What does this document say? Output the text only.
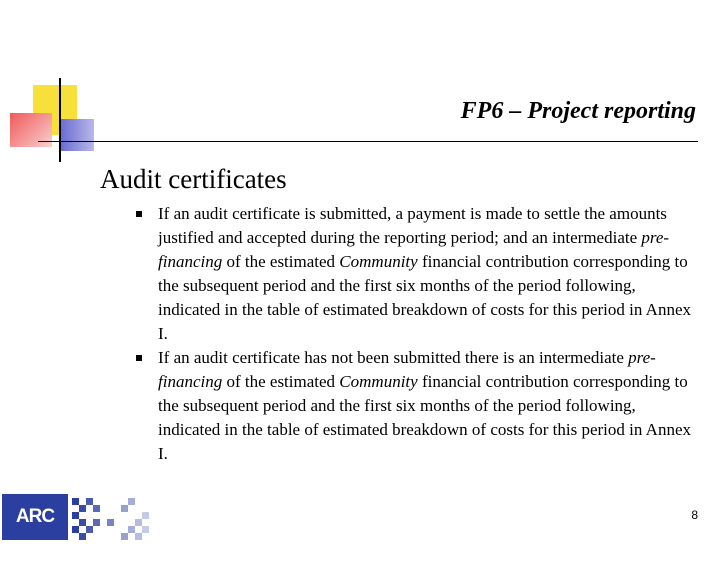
FP6 – Project reporting
Audit certificates
If an audit certificate is submitted, a payment is made to settle the amounts justified and accepted during the reporting period; and an intermediate pre-financing of the estimated Community financial contribution corresponding to the subsequent period and the first six months of the period following, indicated in the table of estimated breakdown of costs for this period in Annex I.
If an audit certificate has not been submitted there is an intermediate pre-financing of the estimated Community financial contribution corresponding to the subsequent period and the first six months of the period following, indicated in the table of estimated breakdown of costs for this period in Annex I.
ARC FUND
8
